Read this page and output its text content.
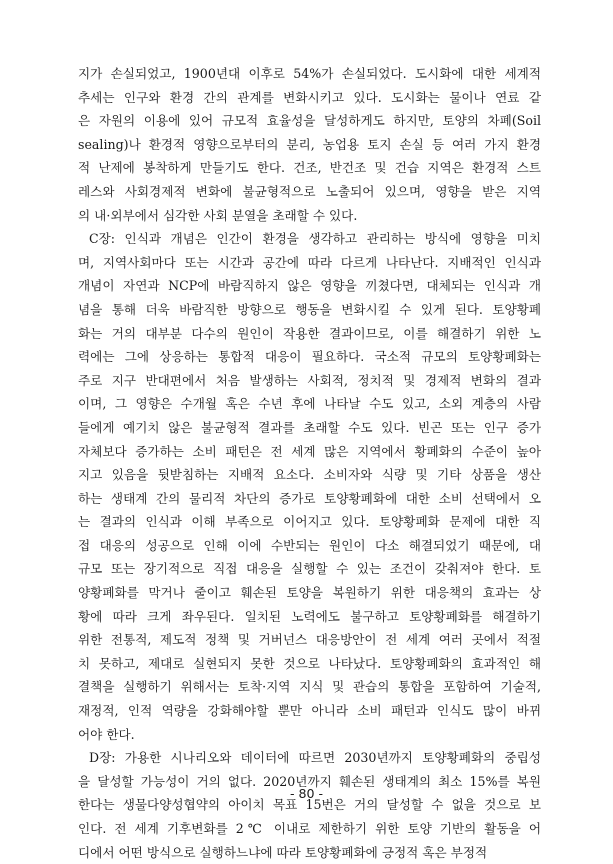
지가 손실되었고, 1900년대 이후로 54%가 손실되었다. 도시화에 대한 세계적
추세는 인구와 환경 간의 관계를 변화시키고 있다. 도시화는 물이나 연료 같
은 자원의 이용에 있어 규모적 효율성을 달성하게도 하지만, 토양의 차폐(Soil
sealing)나 환경적 영향으로부터의 분리, 농업용 토지 손실 등 여러 가지 환경
적 난제에 봉착하게 만들기도 한다. 건조, 반건조 및 건습 지역은 환경적 스트
레스와 사회경제적 변화에 불균형적으로 노출되어 있으며, 영향을 받은 지역
의 내·외부에서 심각한 사회 분열을 초래할 수 있다.
C장: 인식과 개념은 인간이 환경을 생각하고 관리하는 방식에 영향을 미치
며, 지역사회마다 또는 시간과 공간에 따라 다르게 나타난다. 지배적인 인식과
개념이 자연과 NCP에 바람직하지 않은 영향을 끼쳤다면, 대체되는 인식과 개
념을 통해 더욱 바람직한 방향으로 행동을 변화시킬 수 있게 된다. 토양황폐
화는 거의 대부분 다수의 원인이 작용한 결과이므로, 이를 해결하기 위한 노
력에는 그에 상응하는 통합적 대응이 필요하다. 국소적 규모의 토양황폐화는
주로 지구 반대편에서 처음 발생하는 사회적, 정치적 및 경제적 변화의 결과
이며, 그 영향은 수개월 혹은 수년 후에 나타날 수도 있고, 소외 계층의 사람
들에게 예기치 않은 불균형적 결과를 초래할 수도 있다. 빈곤 또는 인구 증가
자체보다 증가하는 소비 패턴은 전 세계 많은 지역에서 황폐화의 수준이 높아
지고 있음을 뒷받침하는 지배적 요소다. 소비자와 식량 및 기타 상품을 생산
하는 생태계 간의 물리적 차단의 증가로 토양황폐화에 대한 소비 선택에서 오
는 결과의 인식과 이해 부족으로 이어지고 있다. 토양황폐화 문제에 대한 직
접 대응의 성공으로 인해 이에 수반되는 원인이 다소 해결되었기 때문에, 대
규모 또는 장기적으로 직접 대응을 실행할 수 있는 조건이 갖춰져야 한다. 토
양황폐화를 막거나 줄이고 훼손된 토양을 복원하기 위한 대응책의 효과는 상
황에 따라 크게 좌우된다. 일치된 노력에도 불구하고 토양황폐화를 해결하기
위한 전통적, 제도적 정책 및 거버넌스 대응방안이 전 세계 여러 곳에서 적절
치 못하고, 제대로 실현되지 못한 것으로 나타났다. 토양황폐화의 효과적인 해
결책을 실행하기 위해서는 토착·지역 지식 및 관습의 통합을 포함하여 기술적,
재정적, 인적 역량을 강화해야할 뿐만 아니라 소비 패턴과 인식도 많이 바뀌
어야 한다.
D장: 가용한 시나리오와 데이터에 따르면 2030년까지 토양황폐화의 중립성
을 달성할 가능성이 거의 없다. 2020년까지 훼손된 생태계의 최소 15%를 복원
한다는 생물다양성협약의 아이치 목표 15번은 거의 달성할 수 없을 것으로 보
인다. 전 세계 기후변화를 2℃ 이내로 제한하기 위한 토양 기반의 활동을 어
디에서 어떤 방식으로 실행하느냐에 따라 토양황폐화에 긍정적 혹은 부정적
- 80 -
